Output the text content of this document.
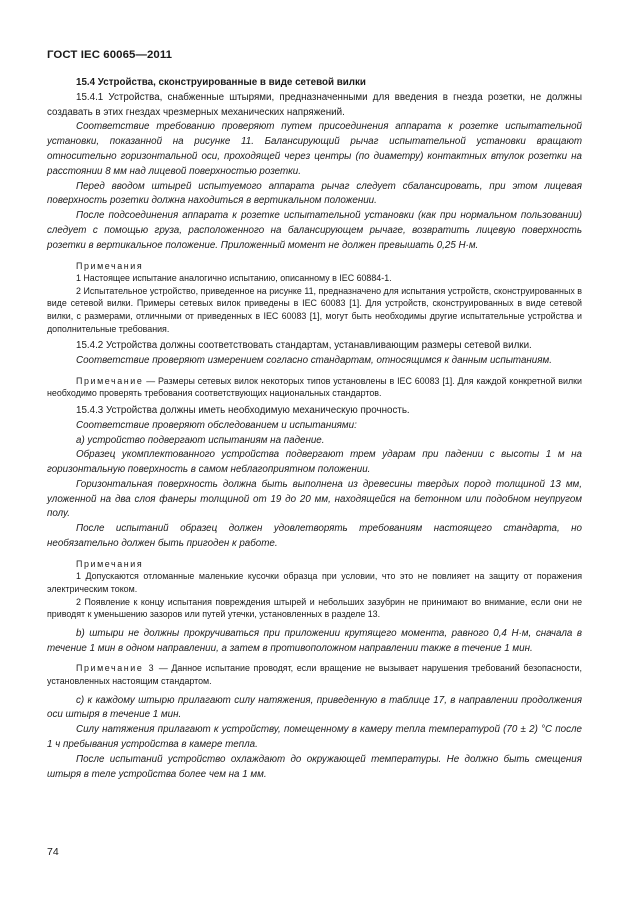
ГОСТ IEC 60065—2011

15.4 Устройства, сконструированные в виде сетевой вилки

15.4.1 Устройства, снабженные штырями, предназначенными для введения в гнезда розетки, не должны создавать в этих гнездах чрезмерных механических напряжений.

Соответствие требованию проверяют путем присоединения аппарата к розетке испытательной установки, показанной на рисунке 11. Балансирующий рычаг испытательной установки вращают относительно горизонтальной оси, проходящей через центры (по диаметру) контактных втулок розетки на расстоянии 8 мм над лицевой поверхностью розетки.

Перед вводом штырей испытуемого аппарата рычаг следует сбалансировать, при этом лицевая поверхность розетки должна находиться в вертикальном положении.

После подсоединения аппарата к розетке испытательной установки (как при нормальном пользовании) следует с помощью груза, расположенного на балансирующем рычаге, возвратить лицевую поверхность розетки в вертикальное положение. Приложенный момент не должен превышать 0,25 Н·м.

Примечания

1 Настоящее испытание аналогично испытанию, описанному в IEC 60884-1.

2 Испытательное устройство, приведенное на рисунке 11, предназначено для испытания устройств, сконструированных в виде сетевой вилки. Примеры сетевых вилок приведены в IEC 60083 [1]. Для устройств, сконструированных в виде сетевой вилки, с размерами, отличными от приведенных в IEC 60083 [1], могут быть необходимы другие испытательные устройства и дополнительные требования.

15.4.2 Устройства должны соответствовать стандартам, устанавливающим размеры сетевой вилки.

Соответствие проверяют измерением согласно стандартам, относящимся к данным испытаниям.

Примечание — Размеры сетевых вилок некоторых типов установлены в IEC 60083 [1]. Для каждой конкретной вилки необходимо проверять требования соответствующих национальных стандартов.

15.4.3 Устройства должны иметь необходимую механическую прочность.

Соответствие проверяют обследованием и испытаниями:

а) устройство подвергают испытаниям на падение.

Образец укомплектованного устройства подвергают трем ударам при падении с высоты 1 м на горизонтальную поверхность в самом неблагоприятном положении.

Горизонтальная поверхность должна быть выполнена из древесины твердых пород толщиной 13 мм, уложенной на два слоя фанеры толщиной от 19 до 20 мм, находящейся на бетонном или подобном неупругом полу.

После испытаний образец должен удовлетворять требованиям настоящего стандарта, но необязательно должен быть пригоден к работе.

Примечания

1 Допускаются отломанные маленькие кусочки образца при условии, что это не повлияет на защиту от поражения электрическим током.

2 Появление к концу испытания повреждения штырей и небольших зазубрин не принимают во внимание, если они не приводят к уменьшению зазоров или путей утечки, установленных в разделе 13.

b) штыри не должны прокручиваться при приложении крутящего момента, равного 0,4 Н·м, сначала в течение 1 мин в одном направлении, а затем в противоположном направлении также в течение 1 мин.

Примечание 3 — Данное испытание проводят, если вращение не вызывает нарушения требований безопасности, установленных настоящим стандартом.

с) к каждому штырю прилагают силу натяжения, приведенную в таблице 17, в направлении продолжения оси штыря в течение 1 мин.

Силу натяжения прилагают к устройству, помещенному в камеру тепла температурой (70 ± 2) °С после 1 ч пребывания устройства в камере тепла.

После испытаний устройство охлаждают до окружающей температуры. Не должно быть смещения штыря в теле устройства более чем на 1 мм.

74
